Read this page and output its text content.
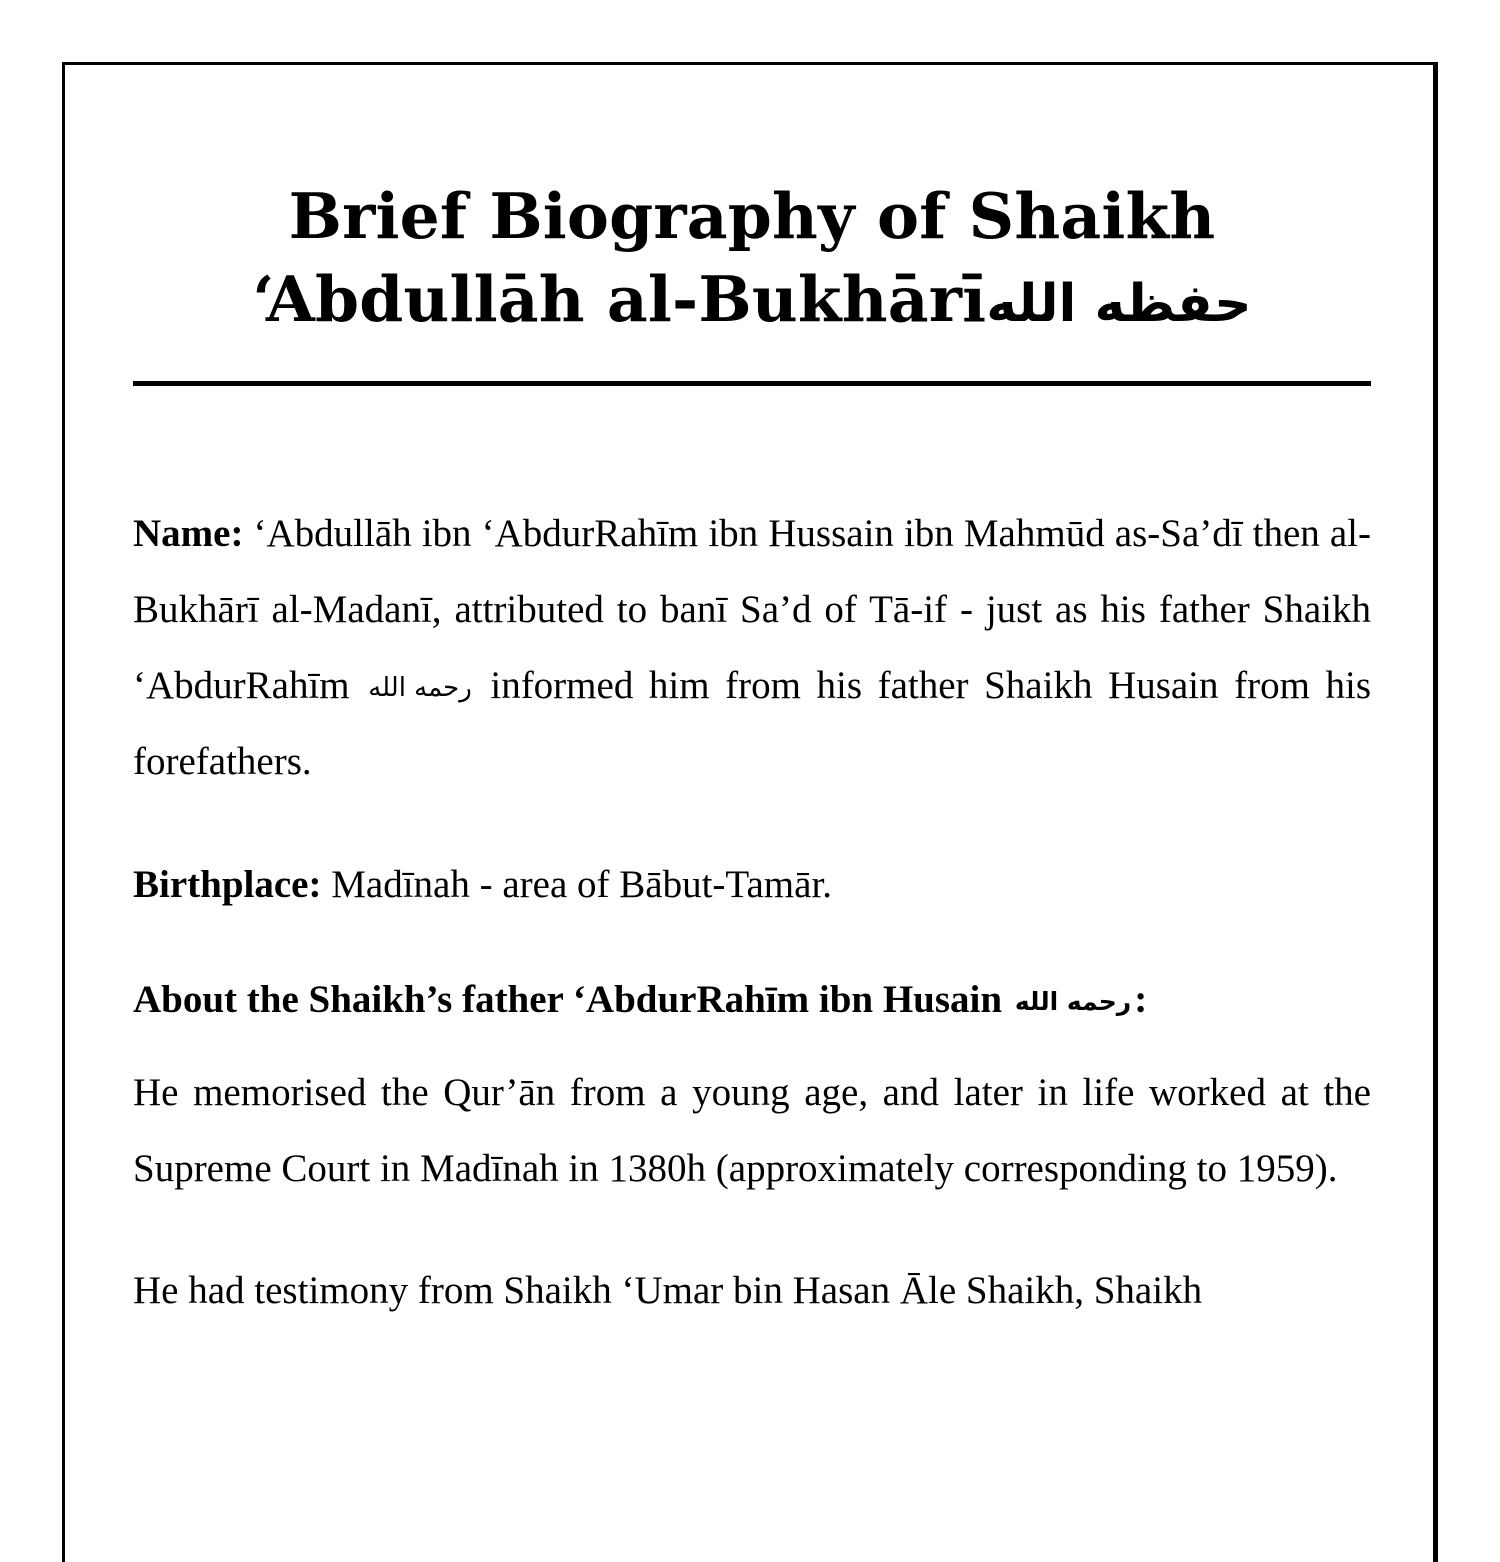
Brief Biography of Shaikh ʻAbdullāh al-Bukhārīحفظه الله

Name: ʻAbdullāh ibn ʻAbdurRahīm ibn Hussain ibn Mahmūd as-Sa’dī then al-Bukhārī al-Madanī, attributed to banī Sa’d of Tā-if - just as his father Shaikh ʻAbdurRahīm رحمه الله informed him from his father Shaikh Husain from his forefathers.

Birthplace: Madīnah - area of Bābut-Tamār.

About the Shaikh’s father ʻAbdurRahīm ibn Husain رحمه الله:

He memorised the Qur’ān from a young age, and later in life worked at the Supreme Court in Madīnah in 1380h (approximately corresponding to 1959).

He had testimony from Shaikh ʻUmar bin Hasan Āle Shaikh, Shaikh
